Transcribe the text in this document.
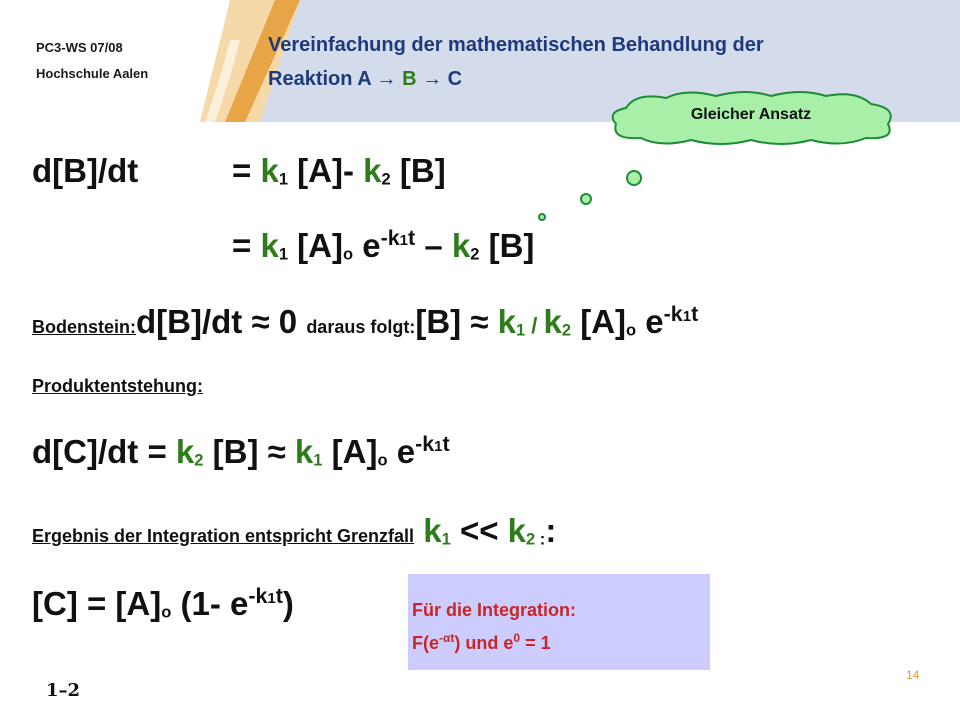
PC3-WS 07/08
Hochschule Aalen
Vereinfachung der mathematischen Behandlung der
Reaktion A → B → C
Gleicher Ansatz
d[B]/dt	= k1 [A]- k2 [B]
= k1 [A]o $e^{-k1t} - k2$ [B]
Bodenstein:d[B]/dt ≈ 0 daraus folgt:[B] ≈ k1 / k2 [A]o $e^{-k1t}$
Produktentstehung:
d[C]/dt = k2 [B] ≈ k1 [A]o $e^{-k1t}$
Ergebnis der Integration entspricht Grenzfall k1 << k2 ::
[C] = [A]o (1- $e^{-k1t}$)	Für die Integration:
$F(e^{-\alpha t})$ und $e^0 = 1$
14
1–2
